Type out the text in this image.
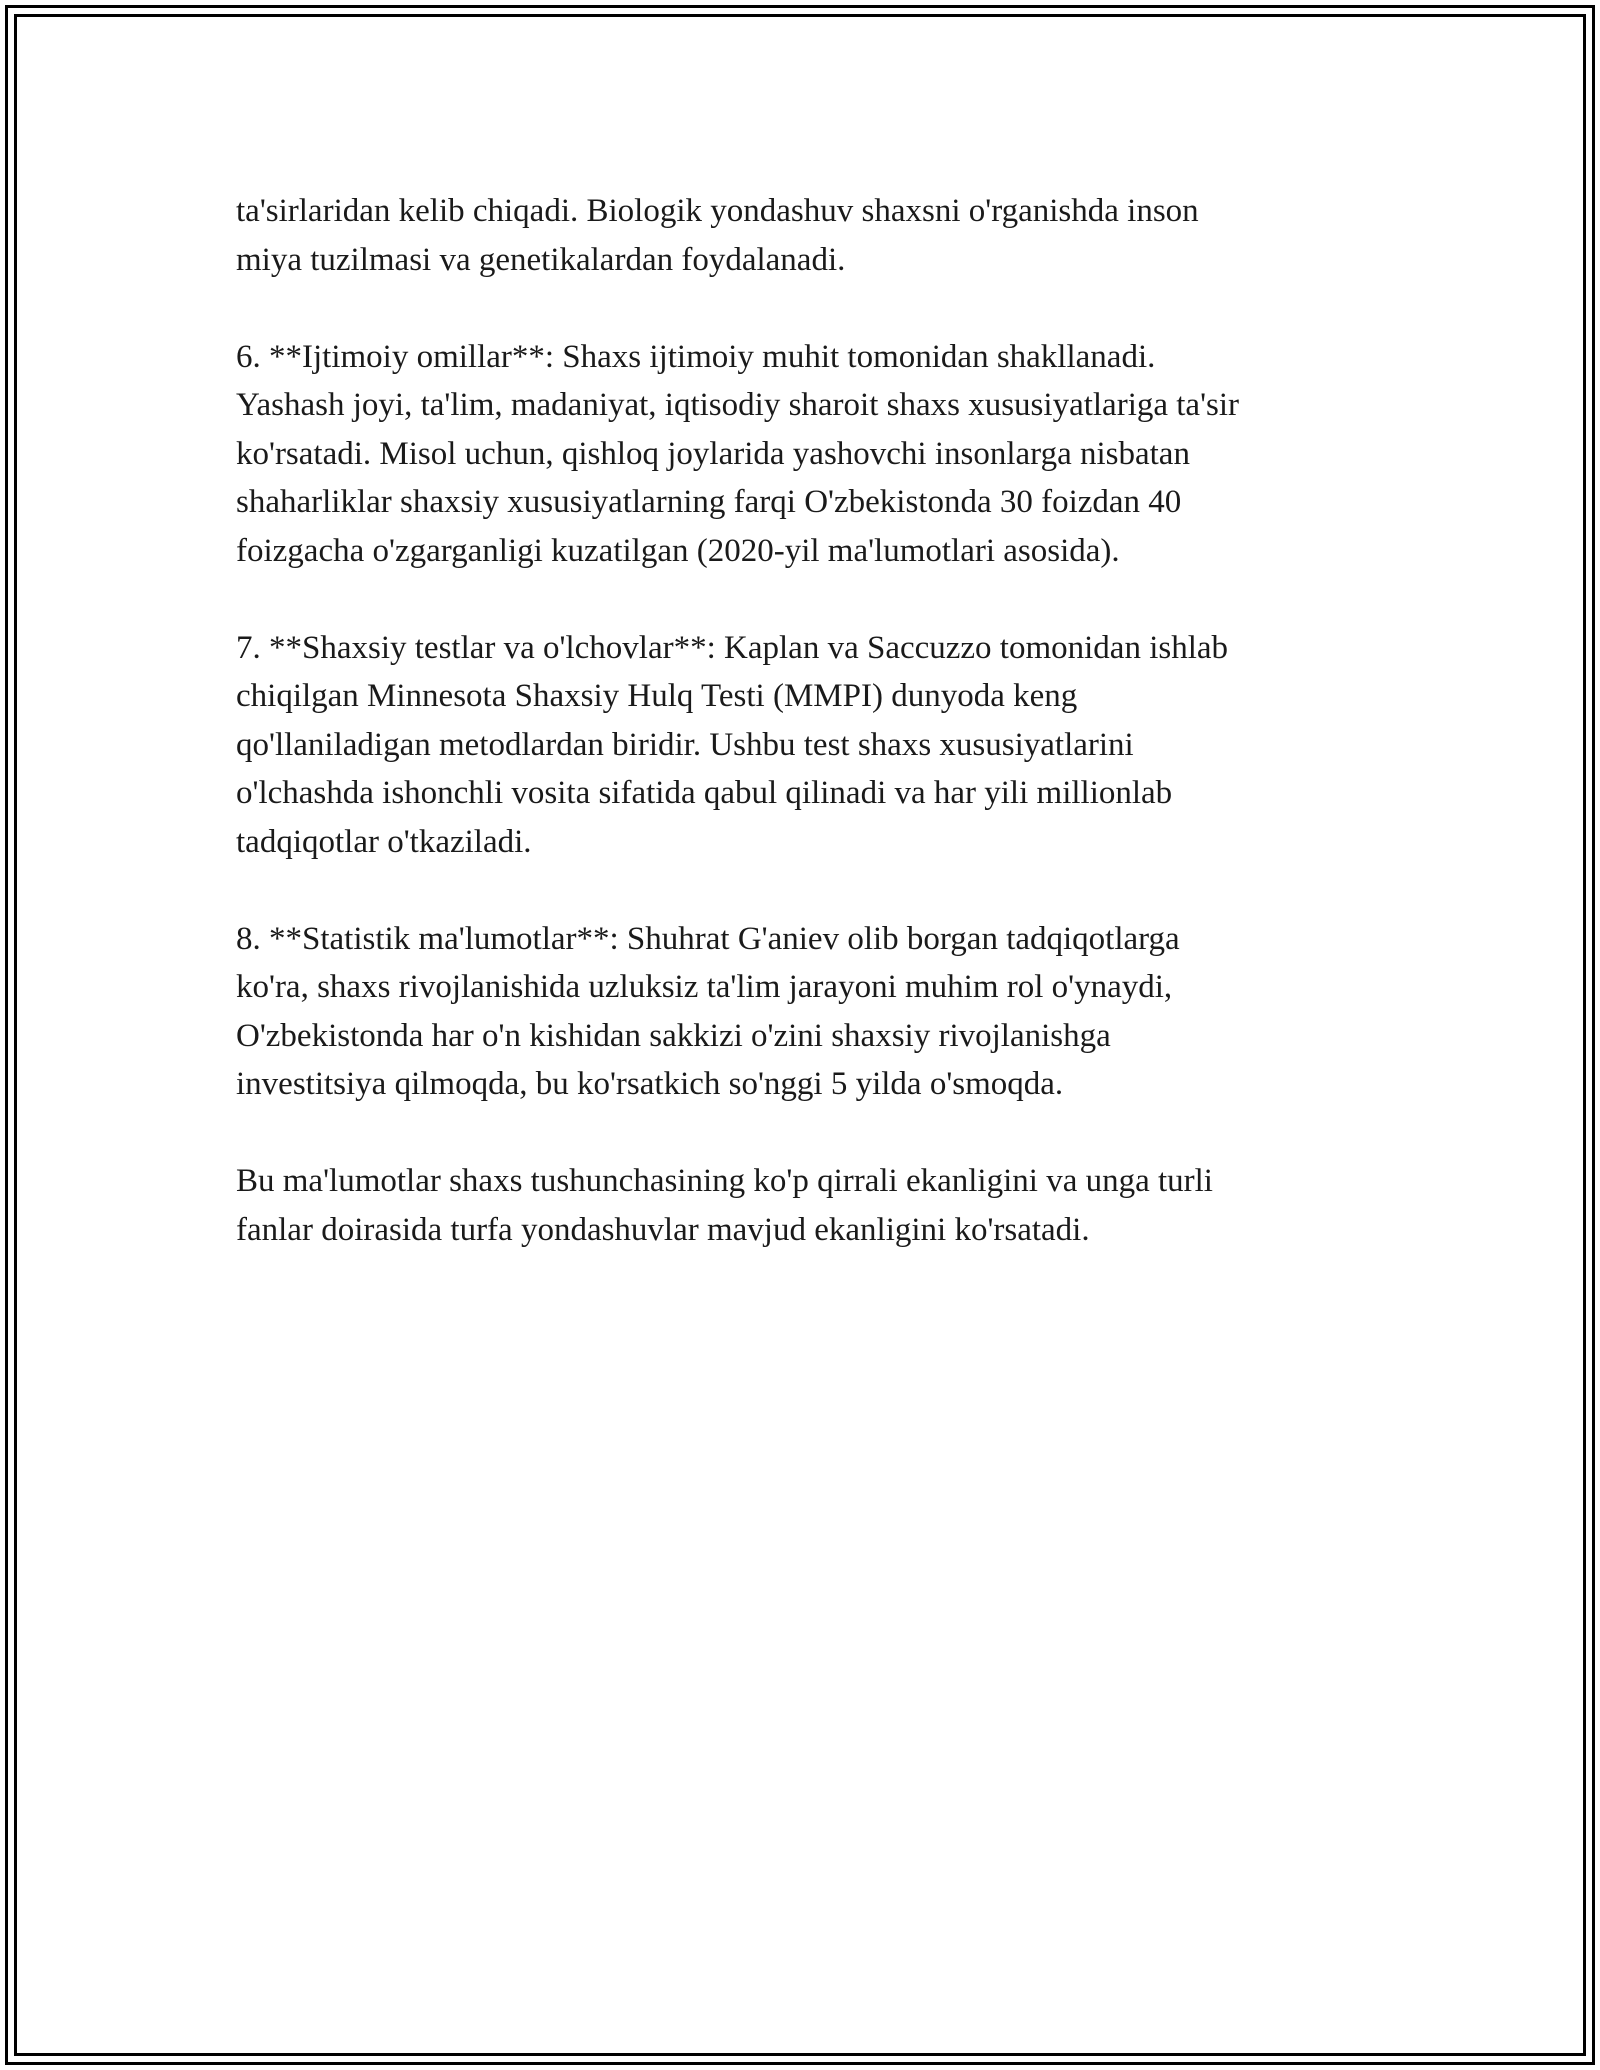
ta'sirlaridan kelib chiqadi. Biologik yondashuv shaxsni o'rganishda inson
miya tuzilmasi va genetikalardan foydalanadi.

6. **Ijtimoiy omillar**: Shaxs ijtimoiy muhit tomonidan shakllanadi.
Yashash joyi, ta'lim, madaniyat, iqtisodiy sharoit shaxs xususiyatlariga ta'sir
ko'rsatadi. Misol uchun, qishloq joylarida yashovchi insonlarga nisbatan
shaharliklar shaxsiy xususiyatlarning farqi O'zbekistonda 30 foizdan 40
foizgacha o'zgarganligi kuzatilgan (2020-yil ma'lumotlari asosida).

7. **Shaxsiy testlar va o'lchovlar**: Kaplan va Saccuzzo tomonidan ishlab
chiqilgan Minnesota Shaxsiy Hulq Testi (MMPI) dunyoda keng
qo'llaniladigan metodlardan biridir. Ushbu test shaxs xususiyatlarini
o'lchashda ishonchli vosita sifatida qabul qilinadi va har yili millionlab
tadqiqotlar o'tkaziladi.

8. **Statistik ma'lumotlar**: Shuhrat G'aniev olib borgan tadqiqotlarga
ko'ra, shaxs rivojlanishida uzluksiz ta'lim jarayoni muhim rol o'ynaydi,
O'zbekistonda har o'n kishidan sakkizi o'zini shaxsiy rivojlanishga
investitsiya qilmoqda, bu ko'rsatkich so'nggi 5 yilda o'smoqda.

Bu ma'lumotlar shaxs tushunchasining ko'p qirrali ekanligini va unga turli
fanlar doirasida turfa yondashuvlar mavjud ekanligini ko'rsatadi.
